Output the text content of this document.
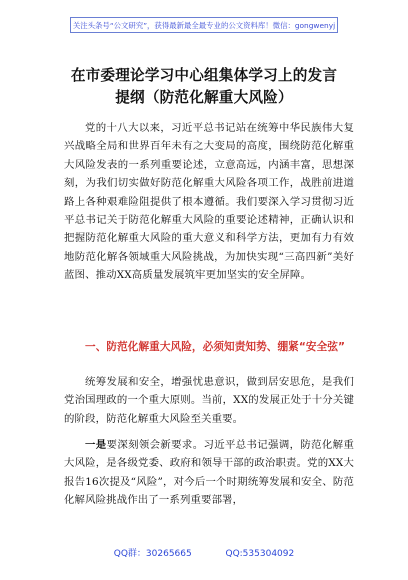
关注头条号“公文研究”，获得最新最全最专业的公文资料库！微信：gongwenyj
在市委理论学习中心组集体学习上的发言
提纲（防范化解重大风险）
党的十八大以来，习近平总书记站在统筹中华民族伟大复兴战略全局和世界百年未有之大变局的高度，围绕防范化解重大风险发表的一系列重要论述，立意高远，内涵丰富，思想深刻，为我们切实做好防范化解重大风险各项工作，战胜前进道路上各种艰难险阻提供了根本遵循。我们要深入学习贯彻习近平总书记关于防范化解重大风险的重要论述精神，正确认识和把握防范化解重大风险的重大意义和科学方法，更加有力有效地防范化解各领域重大风险挑战，为加快实现“三高四新”美好蓝图、推动XX高质量发展筑牢更加坚实的安全屏障。
一、防范化解重大风险，必须知责知势、绷紧“安全弦”
统筹发展和安全，增强忧患意识，做到居安思危，是我们党治国理政的一个重大原则。当前，XX的发展正处于十分关键的阶段，防范化解重大风险至关重要。
一是要深刻领会新要求。习近平总书记强调，防范化解重大风险，是各级党委、政府和领导干部的政治职责。党的XX大报告16次提及“风险”，对今后一个时期统筹发展和安全、防范化解风险挑战作出了一系列重要部署，
QQ群：30265665	QQ:535304092
